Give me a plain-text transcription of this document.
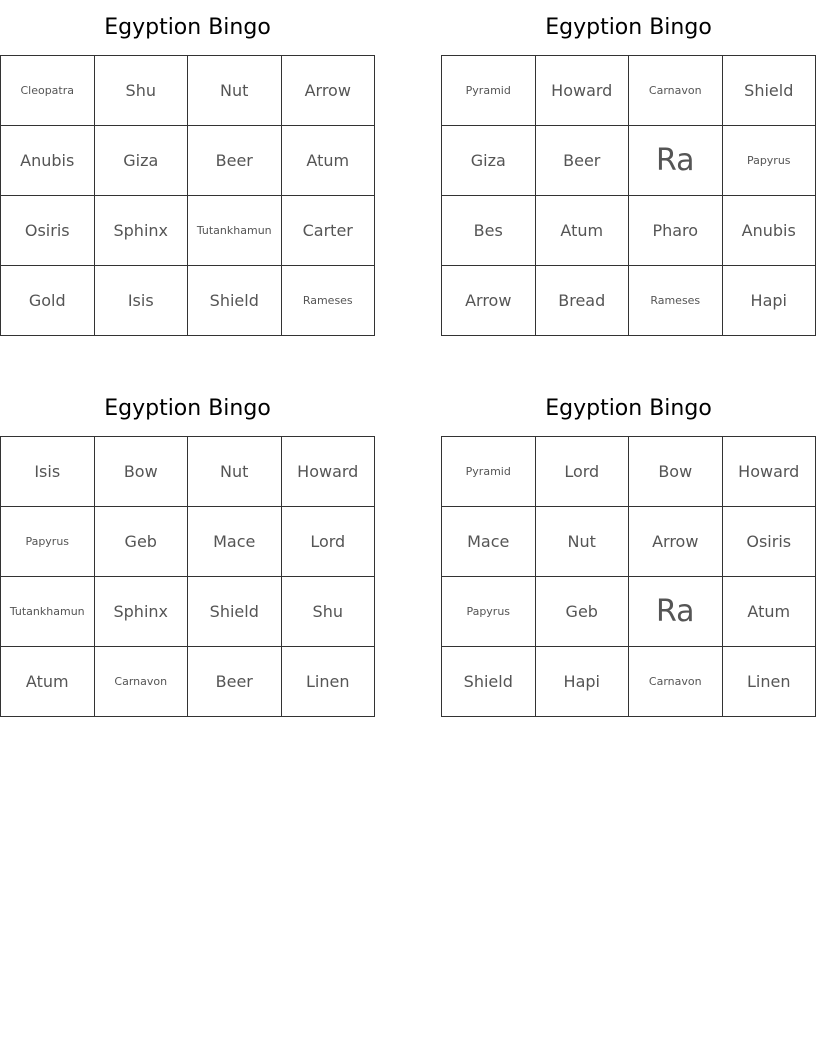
Egyption Bingo
Cleopatra	Shu	Nut	Arrow
Anubis	Giza	Beer	Atum
Osiris	Sphinx	Tutankhamun	Carter
Gold	Isis	Shield	Rameses
Egyption Bingo
Pyramid	Howard	Carnavon	Shield
Giza	Beer	Ra	Papyrus
Bes	Atum	Pharo	Anubis
Arrow	Bread	Rameses	Hapi
Egyption Bingo
Isis	Bow	Nut	Howard
Papyrus	Geb	Mace	Lord
Tutankhamun	Sphinx	Shield	Shu
Atum	Carnavon	Beer	Linen
Egyption Bingo
Pyramid	Lord	Bow	Howard
Mace	Nut	Arrow	Osiris
Papyrus	Geb	Ra	Atum
Shield	Hapi	Carnavon	Linen
